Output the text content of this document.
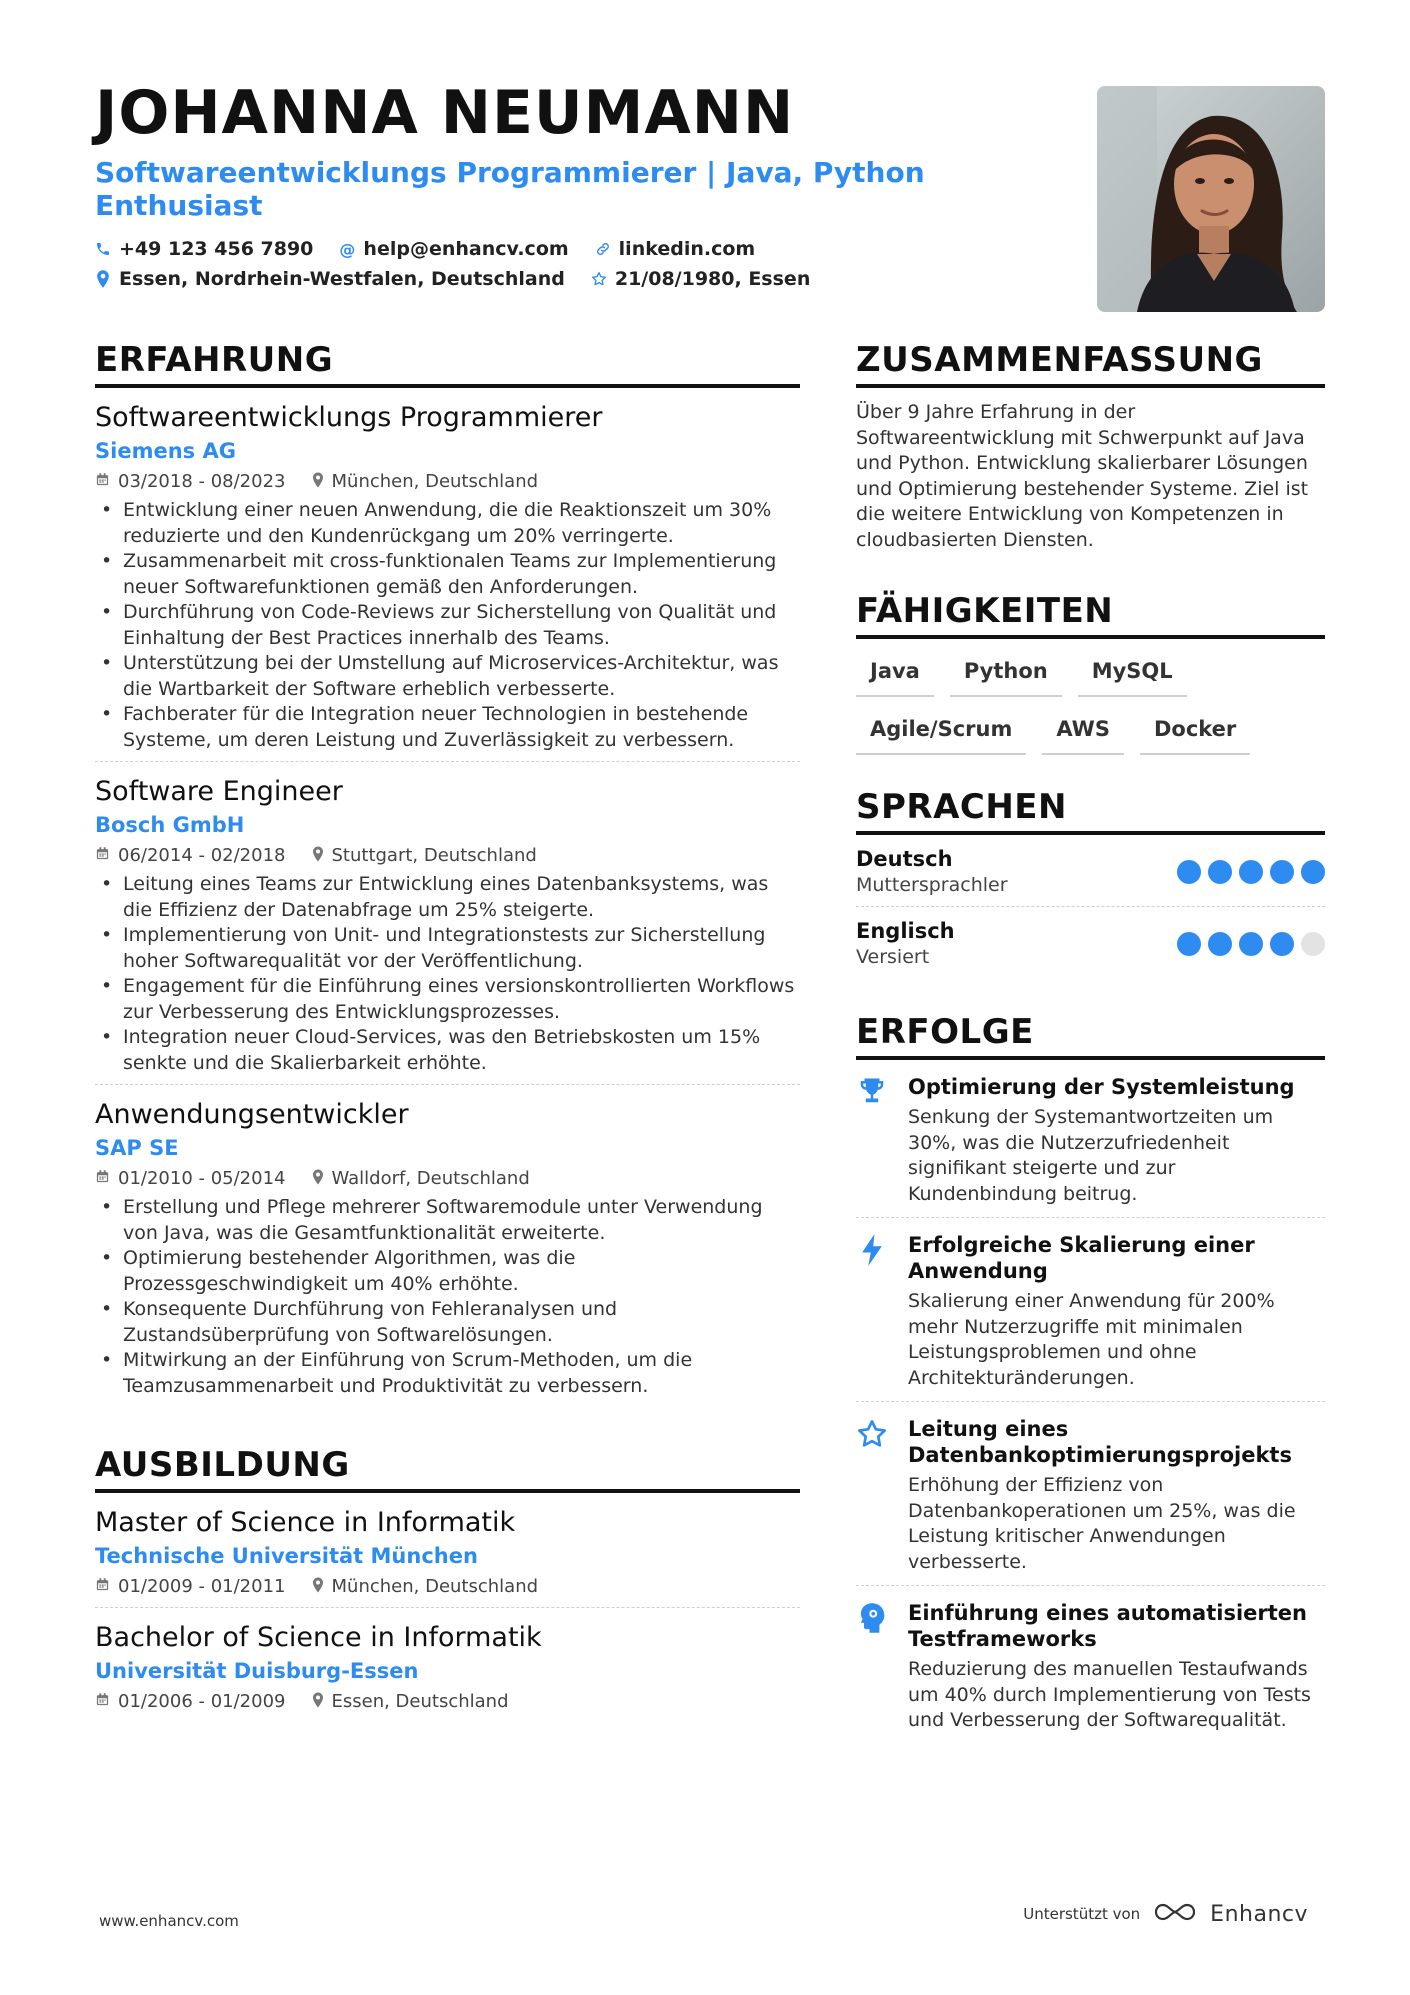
JOHANNA NEUMANN
Softwareentwicklungs Programmierer | Java, Python Enthusiast
+49 123 456 7890 @ help@enhancv.com	linkedin.com
Essen, Nordrhein-Westfalen, Deutschland	21/08/1980, Essen
ERFAHRUNG
Softwareentwicklungs Programmierer
Siemens AG
03/2018 - 08/2023	München, Deutschland
• Entwicklung einer neuen Anwendung, die die Reaktionszeit um 30% reduzierte und den Kundenrückgang um 20% verringerte.
• Zusammenarbeit mit cross-funktionalen Teams zur Implementierung neuer Softwarefunktionen gemäß den Anforderungen.
• Durchführung von Code-Reviews zur Sicherstellung von Qualität und Einhaltung der Best Practices innerhalb des Teams.
• Unterstützung bei der Umstellung auf Microservices-Architektur, was die Wartbarkeit der Software erheblich verbesserte.
• Fachberater für die Integration neuer Technologien in bestehende Systeme, um deren Leistung und Zuverlässigkeit zu verbessern.
Software Engineer
Bosch GmbH
06/2014 - 02/2018	Stuttgart, Deutschland
• Leitung eines Teams zur Entwicklung eines Datenbanksystems, was die Effizienz der Datenabfrage um 25% steigerte.
• Implementierung von Unit- und Integrationstests zur Sicherstellung hoher Softwarequalität vor der Veröffentlichung.
• Engagement für die Einführung eines versionskontrollierten Workflows zur Verbesserung des Entwicklungsprozesses.
• Integration neuer Cloud-Services, was den Betriebskosten um 15% senkte und die Skalierbarkeit erhöhte.
Anwendungsentwickler
SAP SE
01/2010 - 05/2014	Walldorf, Deutschland
• Erstellung und Pflege mehrerer Softwaremodule unter Verwendung von Java, was die Gesamtfunktionalität erweiterte.
• Optimierung bestehender Algorithmen, was die Prozessgeschwindigkeit um 40% erhöhte.
• Konsequente Durchführung von Fehleranalysen und Zustandsüberprüfung von Softwarelösungen.
• Mitwirkung an der Einführung von Scrum-Methoden, um die Teamzusammenarbeit und Produktivität zu verbessern.
AUSBILDUNG
Master of Science in Informatik
Technische Universität München
01/2009 - 01/2011	München, Deutschland
Bachelor of Science in Informatik
Universität Duisburg-Essen
01/2006 - 01/2009	Essen, Deutschland
ZUSAMMENFASSUNG
Über 9 Jahre Erfahrung in der Softwareentwicklung mit Schwerpunkt auf Java und Python. Entwicklung skalierbarer Lösungen und Optimierung bestehender Systeme. Ziel ist die weitere Entwicklung von Kompetenzen in cloudbasierten Diensten.
FÄHIGKEITEN
Java	Python	MySQL
Agile/Scrum	AWS	Docker
SPRACHEN
Deutsch
Muttersprachler
Englisch
Versiert
ERFOLGE
Optimierung der Systemleistung
Senkung der Systemantwortzeiten um 30%, was die Nutzerzufriedenheit signifikant steigerte und zur Kundenbindung beitrug.
Erfolgreiche Skalierung einer Anwendung
Skalierung einer Anwendung für 200% mehr Nutzerzugriffe mit minimalen Leistungsproblemen und ohne Architekturänderungen.
Leitung eines Datenbankoptimierungsprojekts
Erhöhung der Effizienz von Datenbankoperationen um 25%, was die Leistung kritischer Anwendungen verbesserte.
Einführung eines automatisierten Testframeworks
Reduzierung des manuellen Testaufwands um 40% durch Implementierung von Tests und Verbesserung der Softwarequalität.
www.enhancv.com	Unterstützt von	Enhancv
